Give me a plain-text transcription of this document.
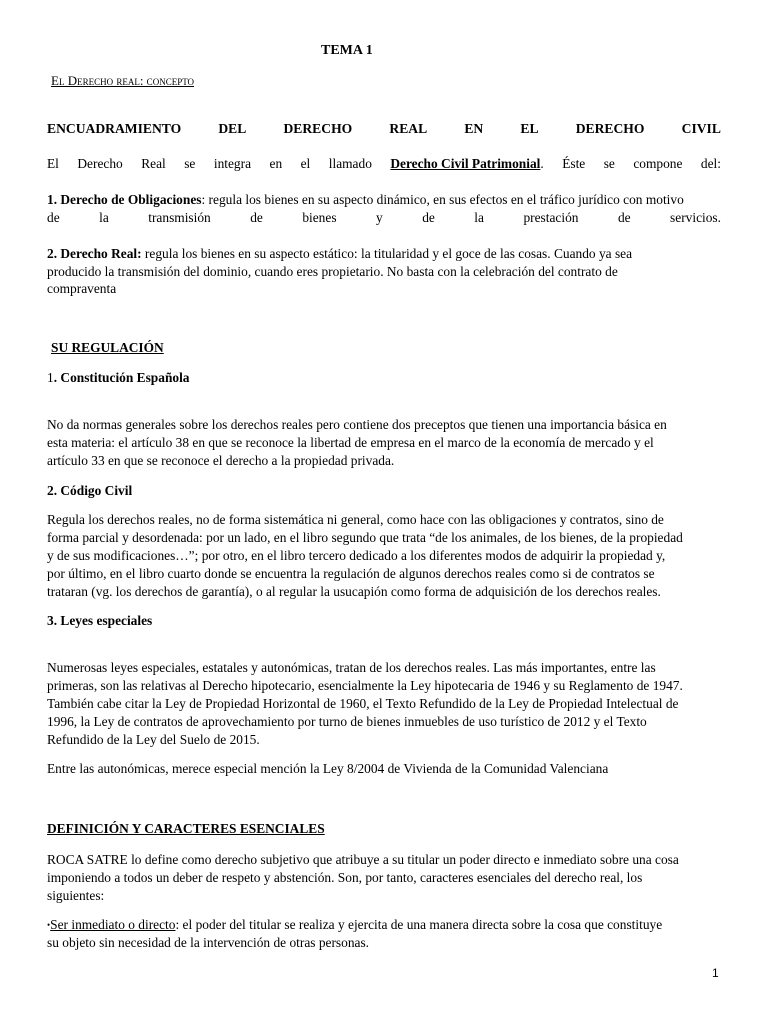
TEMA 1
El Derecho real: concepto
ENCUADRAMIENTO	DEL	DERECHO	REAL	EN	EL	DERECHO	CIVIL
El Derecho Real se integra en el llamado Derecho Civil Patrimonial. Éste se compone del:
1. Derecho de Obligaciones: regula los bienes en su aspecto dinámico, en sus efectos en el tráfico jurídico con motivo
de	la	transmisión	de	bienes	y	de	la	prestación	de	servicios.
2. Derecho Real: regula los bienes en su aspecto estático: la titularidad y el goce de las cosas. Cuando ya sea
producido la transmisión del dominio, cuando eres propietario. No basta con la celebración del contrato de
compraventa
SU REGULACIÓN
1. Constitución Española
No da normas generales sobre los derechos reales pero contiene dos preceptos que tienen una importancia básica en
esta materia: el artículo 38 en que se reconoce la libertad de empresa en el marco de la economía de mercado y el
artículo 33 en que se reconoce el derecho a la propiedad privada.
2. Código Civil
Regula los derechos reales, no de forma sistemática ni general, como hace con las obligaciones y contratos, sino de
forma parcial y desordenada: por un lado, en el libro segundo que trata “de los animales, de los bienes, de la propiedad
y de sus modificaciones…”; por otro, en el libro tercero dedicado a los diferentes modos de adquirir la propiedad y,
por último, en el libro cuarto donde se encuentra la regulación de algunos derechos reales como si de contratos se
trataran (vg. los derechos de garantía), o al regular la usucapión como forma de adquisición de los derechos reales.
3. Leyes especiales
Numerosas leyes especiales, estatales y autonómicas, tratan de los derechos reales. Las más importantes, entre las
primeras, son las relativas al Derecho hipotecario, esencialmente la Ley hipotecaria de 1946 y su Reglamento de 1947.
También cabe citar la Ley de Propiedad Horizontal de 1960, el Texto Refundido de la Ley de Propiedad Intelectual de
1996, la Ley de contratos de aprovechamiento por turno de bienes inmuebles de uso turístico de 2012 y el Texto
Refundido de la Ley del Suelo de 2015.
Entre las autonómicas, merece especial mención la Ley 8/2004 de Vivienda de la Comunidad Valenciana
DEFINICIÓN Y CARACTERES ESENCIALES
ROCA SATRE lo define como derecho subjetivo que atribuye a su titular un poder directo e inmediato sobre una cosa
imponiendo a todos un deber de respeto y abstención. Son, por tanto, caracteres esenciales del derecho real, los
siguientes:
•Ser inmediato o directo: el poder del titular se realiza y ejercita de una manera directa sobre la cosa que constituye
su objeto sin necesidad de la intervención de otras personas.
1
